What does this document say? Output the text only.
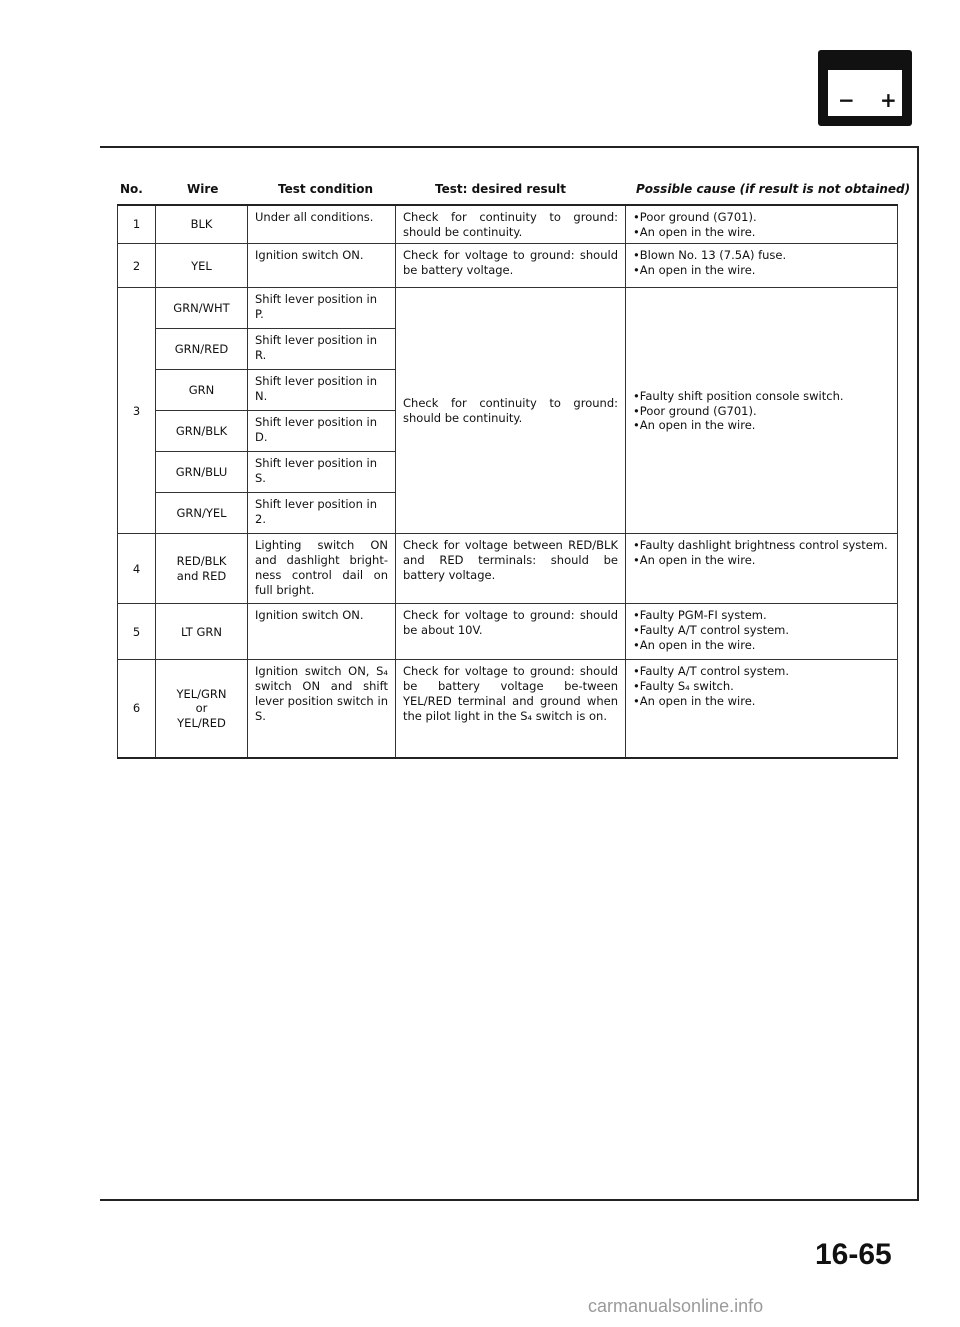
− +
No.	Wire	Test condition	Test: desired result	Possible cause (if result is not obtained)
1	BLK	Under all conditions.	Check for continuity to ground: should be continuity.	• Poor ground (G701).
• An open in the wire.

2	YEL	Ignition switch ON.	Check for voltage to ground: should be battery voltage.	• Blown No. 13 (7.5A) fuse.
• An open in the wire.

3	GRN/WHT	Shift lever position in P.	Check for continuity to ground: should be continuity.	• Faulty shift position console switch.
• Poor ground (G701).
• An open in the wire.

	GRN/RED	Shift lever position in R.		
	GRN	Shift lever position in N.		
	GRN/BLK	Shift lever position in D.		
	GRN/BLU	Shift lever position in S.		
	GRN/YEL	Shift lever position in 2.		
4	RED/BLK
and RED	Lighting switch ON and dashlight bright-ness control dail on full bright.	Check for voltage between RED/BLK and RED terminals: should be battery voltage.	• Faulty dashlight brightness control system.
• An open in the wire.

5	LT GRN	Ignition switch ON.	Check for voltage to ground: should be about 10V.	• Faulty PGM-FI system.
• Faulty A/T control system.
• An open in the wire.

6	YEL/GRN
or
YEL/RED	Ignition switch ON, S₄ switch ON and shift lever position switch in S.	Check for voltage to ground: should be battery voltage be-tween YEL/RED terminal and ground when the pilot light in the S₄ switch is on.	• Faulty A/T control system.
• Faulty S₄ switch.
• An open in the wire.
16-65
carmanualsonline.info
